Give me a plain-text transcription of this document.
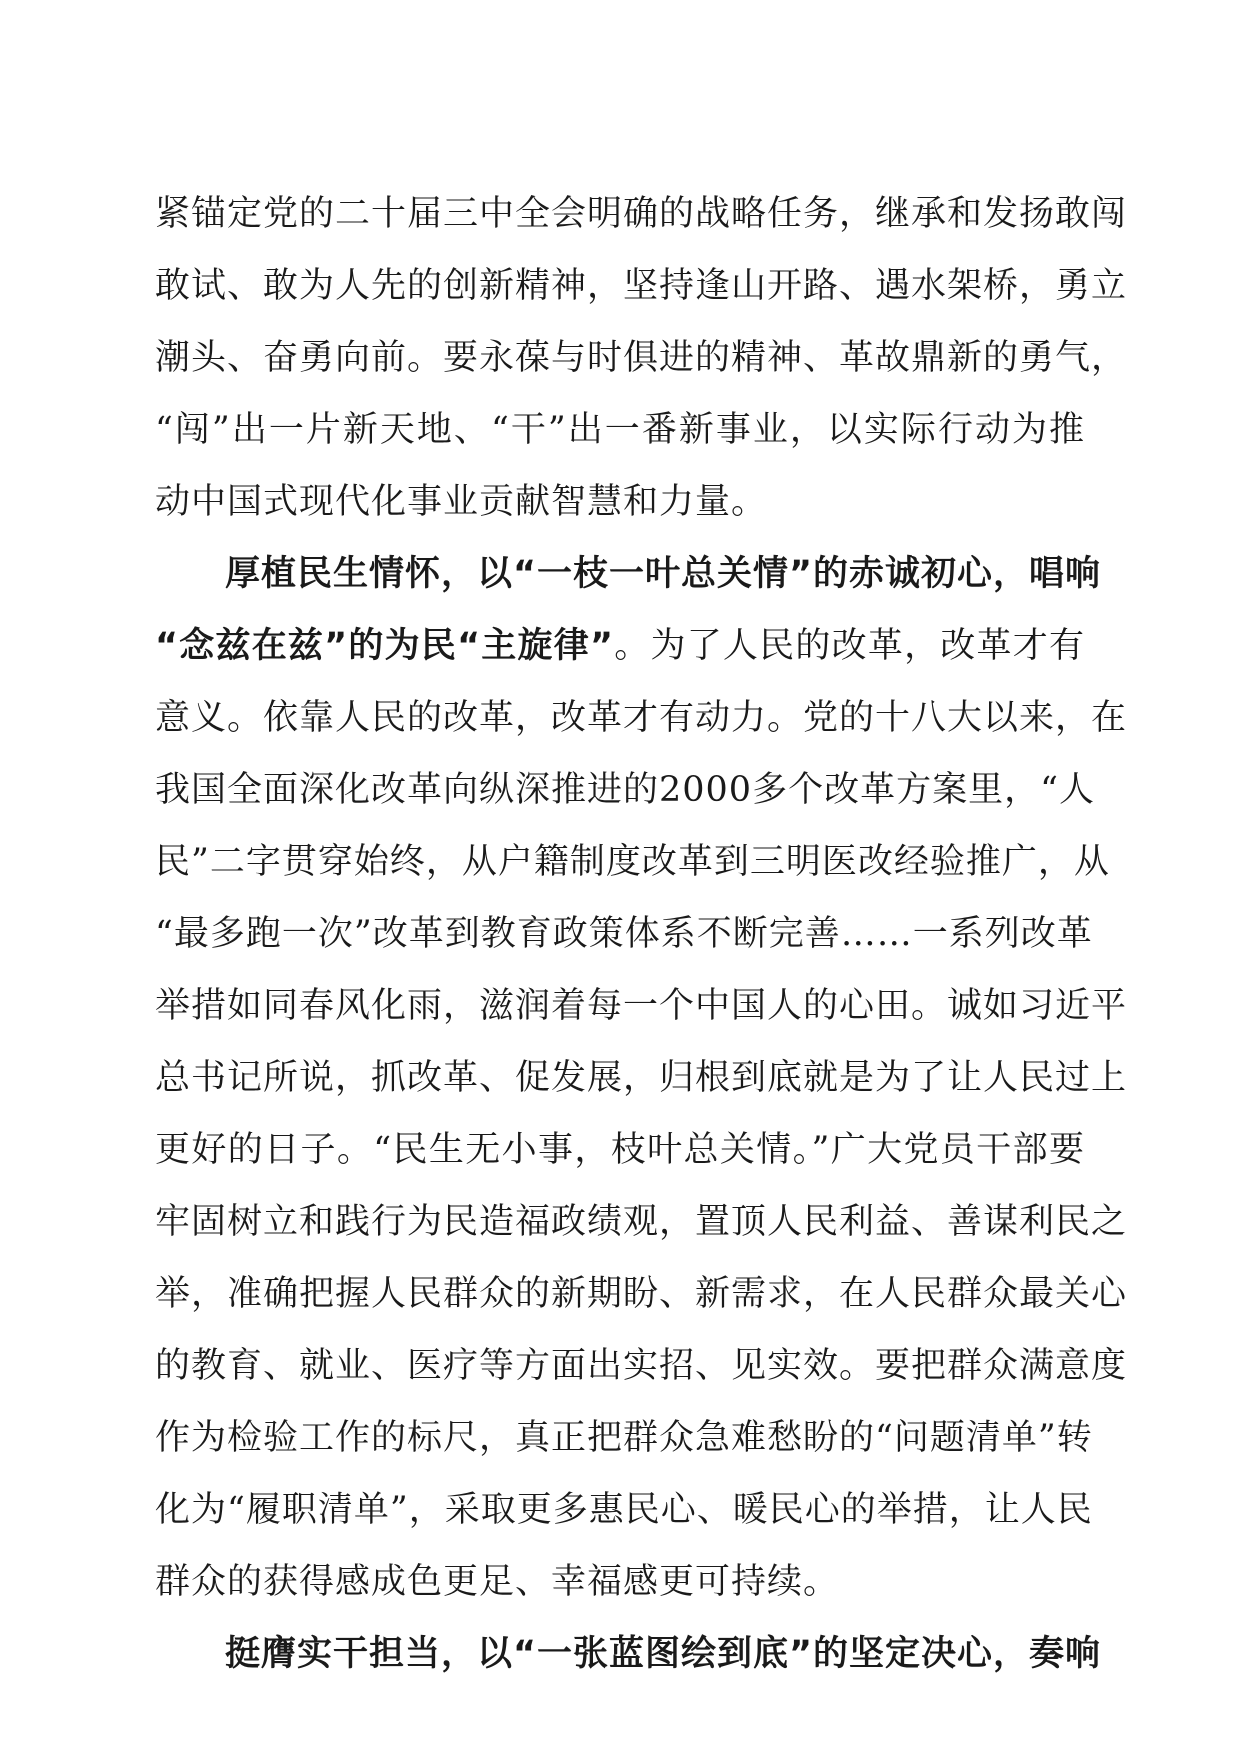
紧锚定党的二十届三中全会明确的战略任务，继承和发扬敢闯
敢试、敢为人先的创新精神，坚持逢山开路、遇水架桥，勇立
潮头、奋勇向前。要永葆与时俱进的精神、革故鼎新的勇气，
“闯”出一片新天地、“干”出一番新事业，以实际行动为推
动中国式现代化事业贡献智慧和力量。
厚植民生情怀，以“一枝一叶总关情”的赤诚初心，唱响
“念兹在兹”的为民“主旋律”。为了人民的改革，改革才有
意义。依靠人民的改革，改革才有动力。党的十八大以来，在
我国全面深化改革向纵深推进的2000多个改革方案里，“人
民”二字贯穿始终，从户籍制度改革到三明医改经验推广，从
“最多跑一次”改革到教育政策体系不断完善……一系列改革
举措如同春风化雨，滋润着每一个中国人的心田。诚如习近平
总书记所说，抓改革、促发展，归根到底就是为了让人民过上
更好的日子。“民生无小事，枝叶总关情。”广大党员干部要
牢固树立和践行为民造福政绩观，置顶人民利益、善谋利民之
举，准确把握人民群众的新期盼、新需求，在人民群众最关心
的教育、就业、医疗等方面出实招、见实效。要把群众满意度
作为检验工作的标尺，真正把群众急难愁盼的“问题清单”转
化为“履职清单”，采取更多惠民心、暖民心的举措，让人民
群众的获得感成色更足、幸福感更可持续。
挺膺实干担当，以“一张蓝图绘到底”的坚定决心，奏响
